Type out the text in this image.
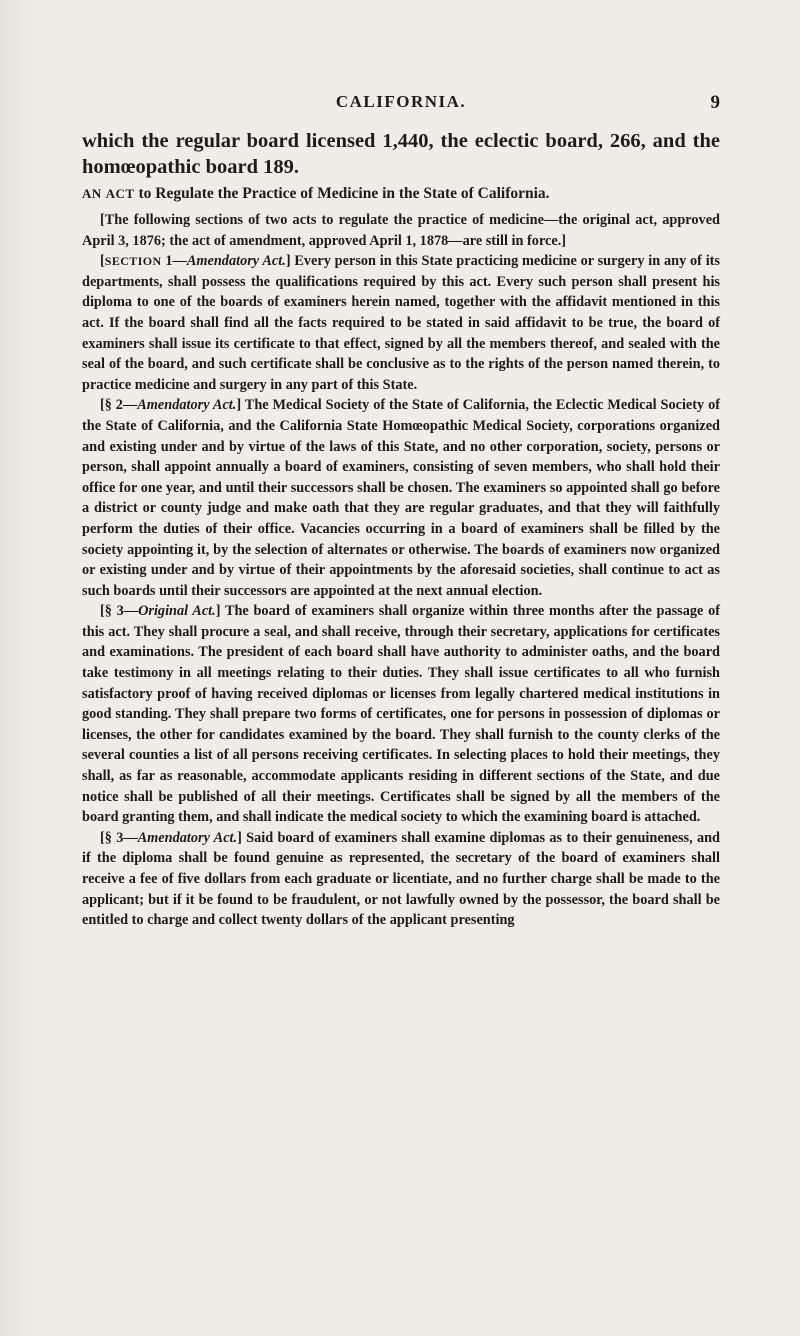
CALIFORNIA.	9

which the regular board licensed 1,440, the eclectic board, 266, and the homœopathic board 189.

AN ACT to Regulate the Practice of Medicine in the State of California.

[The following sections of two acts to regulate the practice of medicine—the original act, approved April 3, 1876; the act of amendment, approved April 1, 1878—are still in force.]

[SECTION 1—Amendatory Act.] Every person in this State practicing medicine or surgery in any of its departments, shall possess the qualifications required by this act. Every such person shall present his diploma to one of the boards of examiners herein named, together with the affidavit mentioned in this act. If the board shall find all the facts required to be stated in said affidavit to be true, the board of examiners shall issue its certificate to that effect, signed by all the members thereof, and sealed with the seal of the board, and such certificate shall be conclusive as to the rights of the person named therein, to practice medicine and surgery in any part of this State.

[§ 2—Amendatory Act.] The Medical Society of the State of California, the Eclectic Medical Society of the State of California, and the California State Homœopathic Medical Society, corporations organized and existing under and by virtue of the laws of this State, and no other corporation, society, persons or person, shall appoint annually a board of examiners, consisting of seven members, who shall hold their office for one year, and until their successors shall be chosen. The examiners so appointed shall go before a district or county judge and make oath that they are regular graduates, and that they will faithfully perform the duties of their office. Vacancies occurring in a board of examiners shall be filled by the society appointing it, by the selection of alternates or otherwise. The boards of examiners now organized or existing under and by virtue of their appointments by the aforesaid societies, shall continue to act as such boards until their successors are appointed at the next annual election.

[§ 3—Original Act.] The board of examiners shall organize within three months after the passage of this act. They shall procure a seal, and shall receive, through their secretary, applications for certificates and examinations. The president of each board shall have authority to administer oaths, and the board take testimony in all meetings relating to their duties. They shall issue certificates to all who furnish satisfactory proof of having received diplomas or licenses from legally chartered medical institutions in good standing. They shall prepare two forms of certificates, one for persons in possession of diplomas or licenses, the other for candidates examined by the board. They shall furnish to the county clerks of the several counties a list of all persons receiving certificates. In selecting places to hold their meetings, they shall, as far as reasonable, accommodate applicants residing in different sections of the State, and due notice shall be published of all their meetings. Certificates shall be signed by all the members of the board granting them, and shall indicate the medical society to which the examining board is attached.

[§ 3—Amendatory Act.] Said board of examiners shall examine diplomas as to their genuineness, and if the diploma shall be found genuine as represented, the secretary of the board of examiners shall receive a fee of five dollars from each graduate or licentiate, and no further charge shall be made to the applicant; but if it be found to be fraudulent, or not lawfully owned by the possessor, the board shall be entitled to charge and collect twenty dollars of the applicant presenting
